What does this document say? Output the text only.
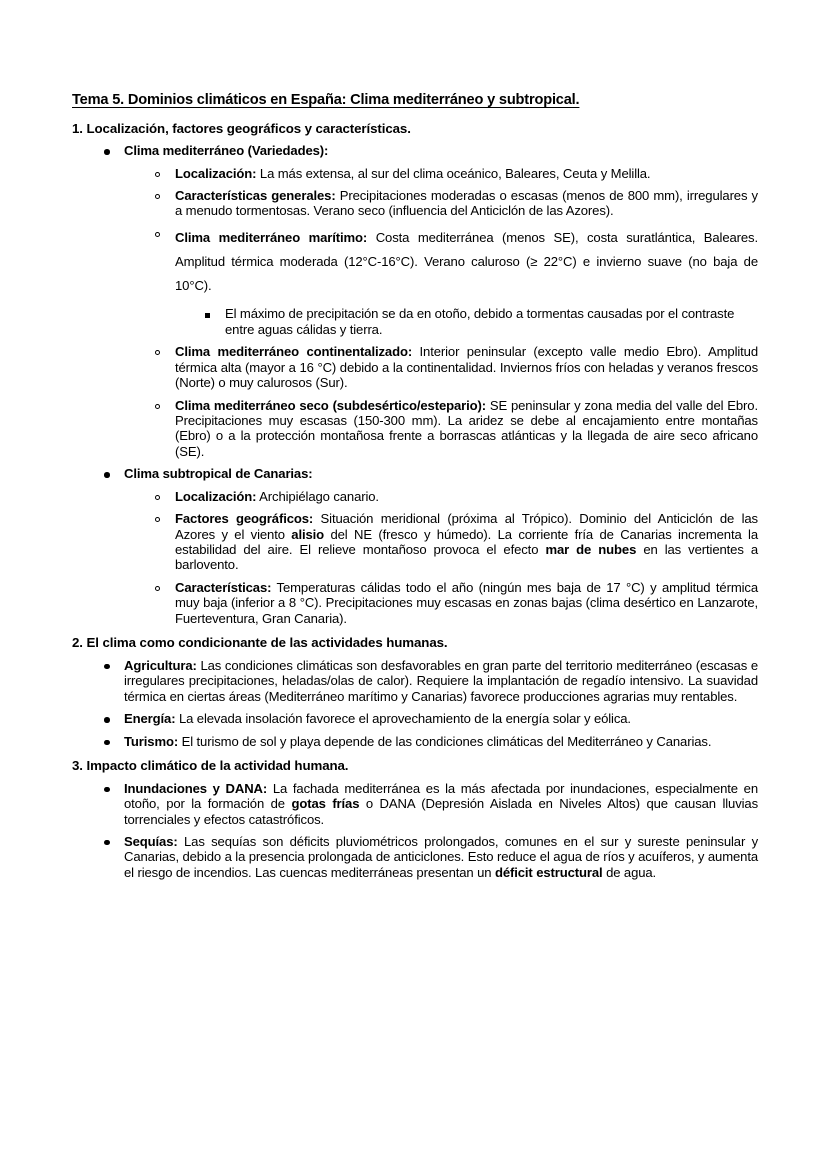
Tema 5. Dominios climáticos en España: Clima mediterráneo y subtropical.
1. Localización, factores geográficos y características.
Clima mediterráneo (Variedades):
Localización: La más extensa, al sur del clima oceánico, Baleares, Ceuta y Melilla.
Características generales: Precipitaciones moderadas o escasas (menos de 800 mm), irregulares y a menudo tormentosas. Verano seco (influencia del Anticiclón de las Azores).
Clima mediterráneo marítimo: Costa mediterránea (menos SE), costa suratlántica, Baleares. Amplitud térmica moderada (12°C-16°C). Verano caluroso (≥ 22°C) e invierno suave (no baja de 10°C).
El máximo de precipitación se da en otoño, debido a tormentas causadas por el contraste entre aguas cálidas y tierra.
Clima mediterráneo continentalizado: Interior peninsular (excepto valle medio Ebro). Amplitud térmica alta (mayor a 16 °C) debido a la continentalidad. Inviernos fríos con heladas y veranos frescos (Norte) o muy calurosos (Sur).
Clima mediterráneo seco (subdesértico/estepario): SE peninsular y zona media del valle del Ebro. Precipitaciones muy escasas (150-300 mm). La aridez se debe al encajamiento entre montañas (Ebro) o a la protección montañosa frente a borrascas atlánticas y la llegada de aire seco africano (SE).
Clima subtropical de Canarias:
Localización: Archipiélago canario.
Factores geográficos: Situación meridional (próxima al Trópico). Dominio del Anticiclón de las Azores y el viento alisio del NE (fresco y húmedo). La corriente fría de Canarias incrementa la estabilidad del aire. El relieve montañoso provoca el efecto mar de nubes en las vertientes a barlovento.
Características: Temperaturas cálidas todo el año (ningún mes baja de 17 °C) y amplitud térmica muy baja (inferior a 8 °C). Precipitaciones muy escasas en zonas bajas (clima desértico en Lanzarote, Fuerteventura, Gran Canaria).
2. El clima como condicionante de las actividades humanas.
Agricultura: Las condiciones climáticas son desfavorables en gran parte del territorio mediterráneo (escasas e irregulares precipitaciones, heladas/olas de calor). Requiere la implantación de regadío intensivo. La suavidad térmica en ciertas áreas (Mediterráneo marítimo y Canarias) favorece producciones agrarias muy rentables.
Energía: La elevada insolación favorece el aprovechamiento de la energía solar y eólica.
Turismo: El turismo de sol y playa depende de las condiciones climáticas del Mediterráneo y Canarias.
3. Impacto climático de la actividad humana.
Inundaciones y DANA: La fachada mediterránea es la más afectada por inundaciones, especialmente en otoño, por la formación de gotas frías o DANA (Depresión Aislada en Niveles Altos) que causan lluvias torrenciales y efectos catastróficos.
Sequías: Las sequías son déficits pluviométricos prolongados, comunes en el sur y sureste peninsular y Canarias, debido a la presencia prolongada de anticiclones. Esto reduce el agua de ríos y acuíferos, y aumenta el riesgo de incendios. Las cuencas mediterráneas presentan un déficit estructural de agua.
